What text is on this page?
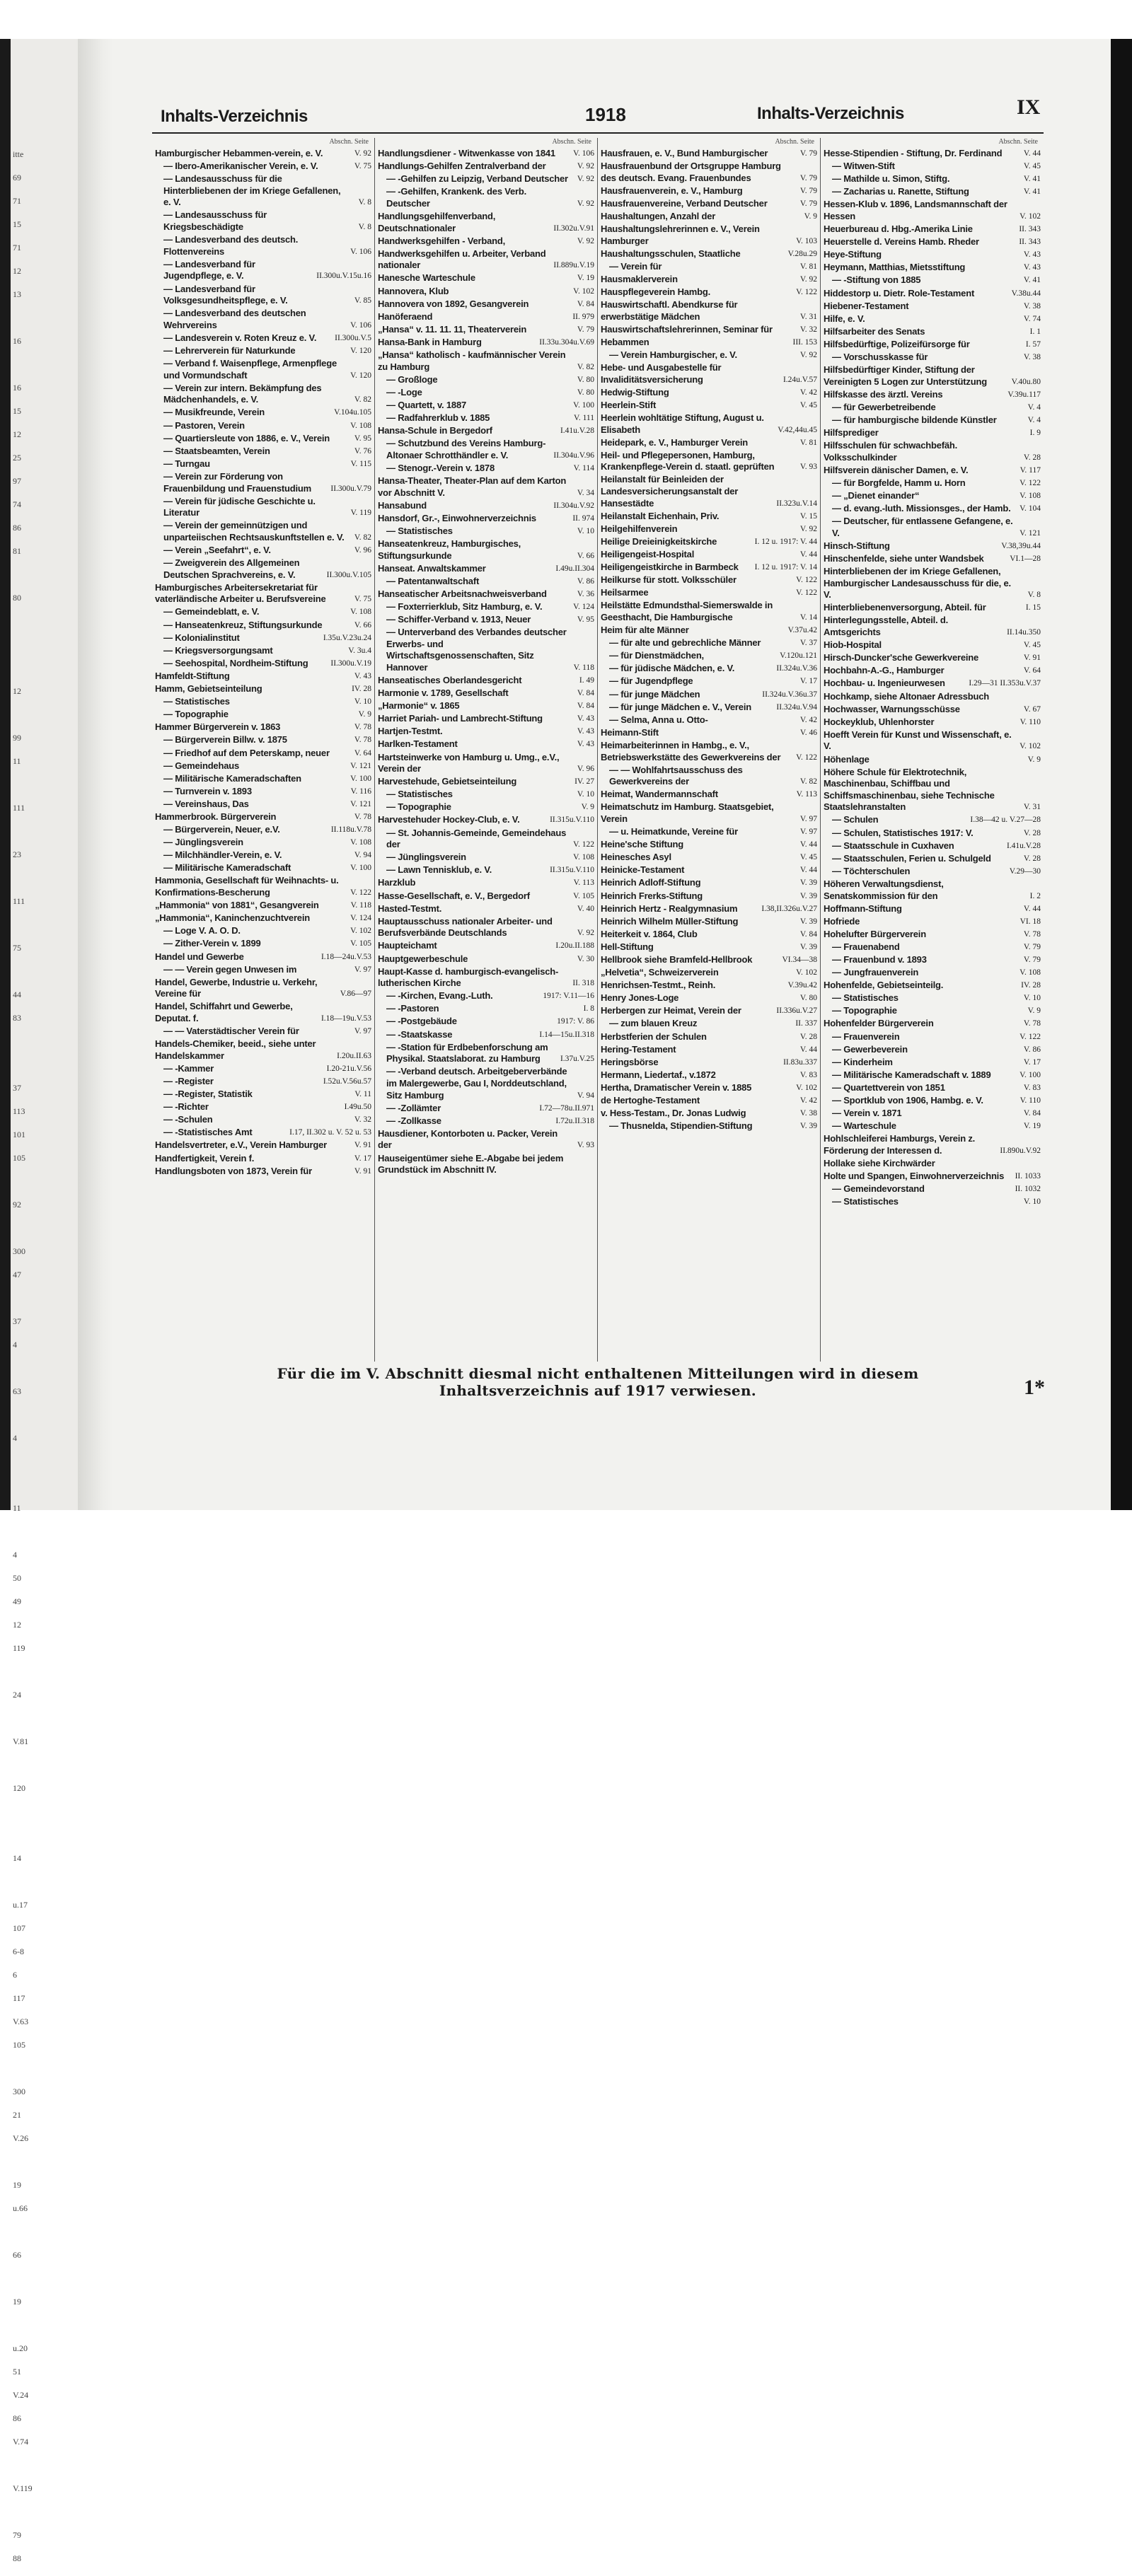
itte
69
71
15
71
12
13
16
16
15
12
25
97
74
86
81
80
12
99
11
111
23
111
75
44
83
37
113
101
105
92
300
47
37
4
63
4
11
4
50
49
12
119
24
V.81
120
14
u.17
107
6-8
6
117
V.63
105
300
21
V.26
19
u.66
66
19
u.20
51
V.24
86
V.74
V.119
79
88
Inhalts-Verzeichnis	1918	Inhalts-Verzeichnis	IX
Abschn. Seite
Hamburgischer Hebammen-verein, e. V.	V. 92
— Ibero-Amerikanischer Verein, e. V.	V. 75
— Landesausschuss für die Hinterbliebenen der im Kriege Gefallenen, e. V.	V. 8
— Landesausschuss für Kriegsbeschädigte	V. 8
— Landesverband des deutsch. Flottenvereins	V. 106
— Landesverband für Jugendpflege, e. V.	II.300u.V.15u.16
— Landesverband für Volksgesundheitspflege, e. V.	V. 85
— Landesverband des deutschen Wehrvereins	V. 106
— Landesverein v. Roten Kreuz e. V.	II.300u.V.5
— Lehrerverein für Naturkunde	V. 120
— Verband f. Waisenpflege, Armenpflege und Vormundschaft	V. 120
— Verein zur intern. Bekämpfung des Mädchenhandels, e. V.	V. 82
— Musikfreunde, Verein	V.104u.105
— Pastoren, Verein	V. 108
— Quartiersleute von 1886, e. V., Verein	V. 95
— Staatsbeamten, Verein	V. 76
— Turngau	V. 115
— Verein zur Förderung von Frauenbildung und Frauenstudium	II.300u.V.79
— Verein für jüdische Geschichte u. Literatur	V. 119
— Verein der gemeinnützigen und unparteiischen Rechtsauskunftstellen e. V.	V. 82
— Verein „Seefahrt“, e. V.	V. 96
— Zweigverein des Allgemeinen Deutschen Sprachvereins, e. V.	II.300u.V.105
Hamburgisches Arbeitersekretariat für vaterländische Arbeiter u. Berufsvereine	V. 75
— Gemeindeblatt, e. V.	V. 108
— Hanseatenkreuz, Stiftungsurkunde	V. 66
— Kolonialinstitut	I.35u.V.23u.24
— Kriegsversorgungsamt	V. 3u.4
— Seehospital, Nordheim-Stiftung	II.300u.V.19
Hamfeldt-Stiftung	V. 43
Hamm, Gebietseinteilung	IV. 28
— Statistisches	V. 10
— Topographie	V. 9
Hammer Bürgerverein v. 1863	V. 78
— Bürgerverein Billw. v. 1875	V. 78
— Friedhof auf dem Peterskamp, neuer	V. 64
— Gemeindehaus	V. 121
— Militärische Kameradschaften	V. 100
— Turnverein v. 1893	V. 116
— Vereinshaus, Das	V. 121
Hammerbrook. Bürgerverein	V. 78
— Bürgerverein, Neuer, e.V.	II.118u.V.78
— Jünglingsverein	V. 108
— Milchhändler-Verein, e. V.	V. 94
— Militärische Kameradschaft	V. 100
Hammonia, Gesellschaft für Weihnachts- u. Konfirmations-Bescherung	V. 122
„Hammonia“ von 1881“, Gesangverein	V. 118
„Hammonia“, Kaninchenzuchtverein	V. 124
— Loge V. A. O. D.	V. 102
— Zither-Verein v. 1899	V. 105
Handel und Gewerbe	I.18—24u.V.53
— — Verein gegen Unwesen im	V. 97
Handel, Gewerbe, Industrie u. Verkehr, Vereine für	V.86—97
Handel, Schiffahrt und Gewerbe, Deputat. f.	I.18—19u.V.53
— — Vaterstädtischer Verein für	V. 97
Handels-Chemiker, beeid., siehe unter Handelskammer	I.20u.II.63
— -Kammer	I.20-21u.V.56
— -Register	I.52u.V.56u.57
— -Register, Statistik	V. 11
— -Richter	I.49u.50
— -Schulen	V. 32
— -Statistisches Amt	I.17, II.302 u. V. 52 u. 53
Handelsvertreter, e.V., Verein Hamburger	V. 91
Handfertigkeit, Verein f.	V. 17
Handlungsboten von 1873, Verein für	V. 91
Abschn. Seite
Handlungsdiener - Witwenkasse von 1841	V. 106
Handlungs-Gehilfen Zentralverband der	V. 92
— -Gehilfen zu Leipzig, Verband Deutscher	V. 92
— -Gehilfen, Krankenk. des Verb. Deutscher	V. 92
Handlungsgehilfenverband, Deutschnationaler	II.302u.V.91
Handwerksgehilfen - Verband,	V. 92
Handwerksgehilfen u. Arbeiter, Verband nationaler	II.889u.V.19
Hanesche Warteschule	V. 19
Hannovera, Klub	V. 102
Hannovera von 1892, Gesangverein	V. 84
Hanöferaend	II. 979
„Hansa“ v. 11. 11. 11, Theaterverein	V. 79
Hansa-Bank in Hamburg	II.33u.304u.V.69
„Hansa“ katholisch - kaufmännischer Verein zu Hamburg	V. 82
— Großloge	V. 80
— -Loge	V. 80
— Quartett, v. 1887	V. 100
— Radfahrerklub v. 1885	V. 111
Hansa-Schule in Bergedorf	I.41u.V.28
— Schutzbund des Vereins Hamburg-Altonaer Schrotthändler e. V.	II.304u.V.96
— Stenogr.-Verein v. 1878	V. 114
Hansa-Theater, Theater-Plan auf dem Karton vor Abschnitt V.	V. 34
Hansabund	II.304u.V.92
Hansdorf, Gr.-, Einwohnerverzeichnis	II. 974
— Statistisches	V. 10
Hanseatenkreuz, Hamburgisches, Stiftungsurkunde	V. 66
Hanseat. Anwaltskammer	I.49u.II.304
— Patentanwaltschaft	V. 86
Hanseatischer Arbeitsnachweisverband	V. 36
— Foxterrierklub, Sitz Hamburg, e. V.	V. 124
— Schiffer-Verband v. 1913, Neuer	V. 95
— Unterverband des Verbandes deutscher Erwerbs- und Wirtschaftsgenossenschaften, Sitz Hannover	V. 118
Hanseatisches Oberlandesgericht	I. 49
Harmonie v. 1789, Gesellschaft	V. 84
„Harmonie“ v. 1865	V. 84
Harriet Pariah- und Lambrecht-Stiftung	V. 43
Hartjen-Testmt.	V. 43
Harlken-Testament	V. 43
Hartsteinwerke von Hamburg u. Umg., e.V., Verein der	V. 96
Harvestehude, Gebietseinteilung	IV. 27
— Statistisches	V. 10
— Topographie	V. 9
Harvestehuder Hockey-Club, e. V.	II.315u.V.110
— St. Johannis-Gemeinde, Gemeindehaus der	V. 122
— Jünglingsverein	V. 108
— Lawn Tennisklub, e. V.	II.315u.V.110
Harzklub	V. 113
Hasse-Gesellschaft, e. V., Bergedorf	V. 105
Hasted-Testmt.	V. 40
Hauptausschuss nationaler Arbeiter- und Berufsverbände Deutschlands	V. 92
Haupteichamt	I.20u.II.188
Hauptgewerbeschule	V. 30
Haupt-Kasse d. hamburgisch-evangelisch-lutherischen Kirche	II. 318
— -Kirchen, Evang.-Luth.	1917: V.11—16
— -Pastoren	I. 8
— -Postgebäude	1917: V. 86
— -Staatskasse	I.14—15u.II.318
— -Station für Erdbebenforschung am Physikal. Staatslaborat. zu Hamburg	I.37u.V.25
— -Verband deutsch. Arbeitgeberverbände im Malergewerbe, Gau I, Norddeutschland, Sitz Hamburg	V. 94
— -Zollämter	I.72—78u.II.971
— -Zollkasse	I.72u.II.318
Hausdiener, Kontorboten u. Packer, Verein der	V. 93
Hauseigentümer siehe E.-Abgabe bei jedem Grundstück im Abschnitt IV.
Abschn. Seite
Hausfrauen, e. V., Bund Hamburgischer	V. 79
Hausfrauenbund der Ortsgruppe Hamburg des deutsch. Evang. Frauenbundes	V. 79
Hausfrauenverein, e. V., Hamburg	V. 79
Hausfrauenvereine, Verband Deutscher	V. 79
Haushaltungen, Anzahl der	V. 9
Haushaltungslehrerinnen e. V., Verein Hamburger	V. 103
Haushaltungsschulen, Staatliche	V.28u.29
— Verein für	V. 81
Hausmaklerverein	V. 92
Hauspflegeverein Hambg.	V. 122
Hauswirtschaftl. Abendkurse für erwerbstätige Mädchen	V. 31
Hauswirtschaftslehrerinnen, Seminar für	V. 32
Hebammen	III. 153
— Verein Hamburgischer, e. V.	V. 92
Hebe- und Ausgabestelle für Invaliditätsversicherung	I.24u.V.57
Hedwig-Stiftung	V. 42
Heerlein-Stift	V. 45
Heerlein wohltätige Stiftung, August u. Elisabeth	V.42,44u.45
Heidepark, e. V., Hamburger Verein	V. 81
Heil- und Pflegepersonen, Hamburg, Krankenpflege-Verein d. staatl. geprüften	V. 93
Heilanstalt für Beinleiden der Landesversicherungsanstalt der Hansestädte	II.323u.V.14
Heilanstalt Eichenhain, Priv.	V. 15
Heilgehilfenverein	V. 92
Heilige Dreieinigkeitskirche	I. 12 u. 1917: V. 44
Heiligengeist-Hospital	V. 44
Heiligengeistkirche in Barmbeck	I. 12 u. 1917: V. 14
Heilkurse für stott. Volksschüler	V. 122
Heilsarmee	V. 122
Heilstätte Edmundsthal-Siemerswalde in Geesthacht, Die Hamburgische	V. 14
Heim für alte Männer	V.37u.42
— für alte und gebrechliche Männer	V. 37
— für Dienstmädchen,	V.120u.121
— für jüdische Mädchen, e. V.	II.324u.V.36
— für Jugendpflege	V. 17
— für junge Mädchen	II.324u.V.36u.37
— für junge Mädchen e. V., Verein	II.324u.V.94
— Selma, Anna u. Otto-	V. 42
Heimann-Stift	V. 46
Heimarbeiterinnen in Hambg., e. V., Betriebswerkstätte des Gewerkvereins der	V. 122
— — Wohlfahrtsausschuss des Gewerkvereins der	V. 82
Heimat, Wandermannschaft	V. 113
Heimatschutz im Hamburg. Staatsgebiet, Verein	V. 97
— u. Heimatkunde, Vereine für	V. 97
Heine'sche Stiftung	V. 44
Heinesches Asyl	V. 45
Heinicke-Testament	V. 44
Heinrich Adloff-Stiftung	V. 39
Heinrich Frerks-Stiftung	V. 39
Heinrich Hertz - Realgymnasium	I.38,II.326u.V.27
Heinrich Wilhelm Müller-Stiftung	V. 39
Heiterkeit v. 1864, Club	V. 84
Hell-Stiftung	V. 39
Hellbrook siehe Bramfeld-Hellbrook	VI.34—38
„Helvetia“, Schweizerverein	V. 102
Henrichsen-Testmt., Reinh.	V.39u.42
Henry Jones-Loge	V. 80
Herbergen zur Heimat, Verein der	II.336u.V.27
— zum blauen Kreuz	II. 337
Herbstferien der Schulen	V. 28
Hering-Testament	V. 44
Heringsbörse	II.83u.337
Hermann, Liedertaf., v.1872	V. 83
Hertha, Dramatischer Verein v. 1885	V. 102
de Hertoghe-Testament	V. 42
v. Hess-Testam., Dr. Jonas Ludwig	V. 38
— Thusnelda, Stipendien-Stiftung	V. 39
Abschn. Seite
Hesse-Stipendien - Stiftung, Dr. Ferdinand	V. 44
— Witwen-Stift	V. 45
— Mathilde u. Simon, Stiftg.	V. 41
— Zacharias u. Ranette, Stiftung	V. 41
Hessen-Klub v. 1896, Landsmannschaft der Hessen	V. 102
Heuerbureau d. Hbg.-Amerika Linie	II. 343
Heuerstelle d. Vereins Hamb. Rheder	II. 343
Heye-Stiftung	V. 43
Heymann, Matthias, Mietsstiftung	V. 43
— -Stiftung von 1885	V. 41
Hiddestorp u. Dietr. Role-Testament	V.38u.44
Hiebener-Testament	V. 38
Hilfe, e. V.	V. 74
Hilfsarbeiter des Senats	I. 1
Hilfsbedürftige, Polizeifürsorge für	I. 57
— Vorschusskasse für	V. 38
Hilfsbedürftiger Kinder, Stiftung der Vereinigten 5 Logen zur Unterstützung	V.40u.80
Hilfskasse des ärztl. Vereins	V.39u.117
— für Gewerbetreibende	V. 4
— für hamburgische bildende Künstler	V. 4
Hilfsprediger	I. 9
Hilfsschulen für schwachbefäh. Volksschulkinder	V. 28
Hilfsverein dänischer Damen, e. V.	V. 117
— für Borgfelde, Hamm u. Horn	V. 122
— „Dienet einander“	V. 108
— d. evang.-luth. Missionsges., der Hamb.	V. 104
— Deutscher, für entlassene Gefangene, e. V.	V. 121
Hinsch-Stiftung	V.38,39u.44
Hinschenfelde, siehe unter Wandsbek	VI.1—28
Hinterbliebenen der im Kriege Gefallenen, Hamburgischer Landesausschuss für die, e. V.	V. 8
Hinterbliebenenversorgung, Abteil. für	I. 15
Hinterlegungsstelle, Abteil. d. Amtsgerichts	II.14u.350
Hiob-Hospital	V. 45
Hirsch-Duncker'sche Gewerkvereine	V. 91
Hochbahn-A.-G., Hamburger	V. 64
Hochbau- u. Ingenieurwesen	I.29—31 II.353u.V.37
Hochkamp, siehe Altonaer Adressbuch
Hochwasser, Warnungsschüsse	V. 67
Hockeyklub, Uhlenhorster	V. 110
Hoefft Verein für Kunst und Wissenschaft, e. V.	V. 102
Höhenlage	V. 9
Höhere Schule für Elektrotechnik, Maschinenbau, Schiffbau und Schiffsmaschinenbau, siehe Technische Staatslehranstalten	V. 31
— Schulen	I.38—42 u. V.27—28
— Schulen, Statistisches 1917: V.	V. 28
— Staatsschule in Cuxhaven	I.41u.V.28
— Staatsschulen, Ferien u. Schulgeld	V. 28
— Töchterschulen	V.29—30
Höheren Verwaltungsdienst, Senatskommission für den	I. 2
Hoffmann-Stiftung	V. 44
Hofriede	VI. 18
Hohelufter Bürgerverein	V. 78
— Frauenabend	V. 79
— Frauenbund v. 1893	V. 79
— Jungfrauenverein	V. 108
Hohenfelde, Gebietseinteilg.	IV. 28
— Statistisches	V. 10
— Topographie	V. 9
Hohenfelder Bürgerverein	V. 78
— Frauenverein	V. 122
— Gewerbeverein	V. 86
— Kinderheim	V. 17
— Militärische Kameradschaft v. 1889	V. 100
— Quartettverein von 1851	V. 83
— Sportklub von 1906, Hambg. e. V.	V. 110
— Verein v. 1871	V. 84
— Warteschule	V. 19
Hohlschleiferei Hamburgs, Verein z. Förderung der Interessen d.	II.890u.V.92
Hollake siehe Kirchwärder
Holte und Spangen, Einwohnerverzeichnis	II. 1033
— Gemeindevorstand	II. 1032
— Statistisches	V. 10
Für die im V. Abschnitt diesmal nicht enthaltenen Mitteilungen wird in diesem Inhaltsverzeichnis auf 1917 verwiesen.	1*
